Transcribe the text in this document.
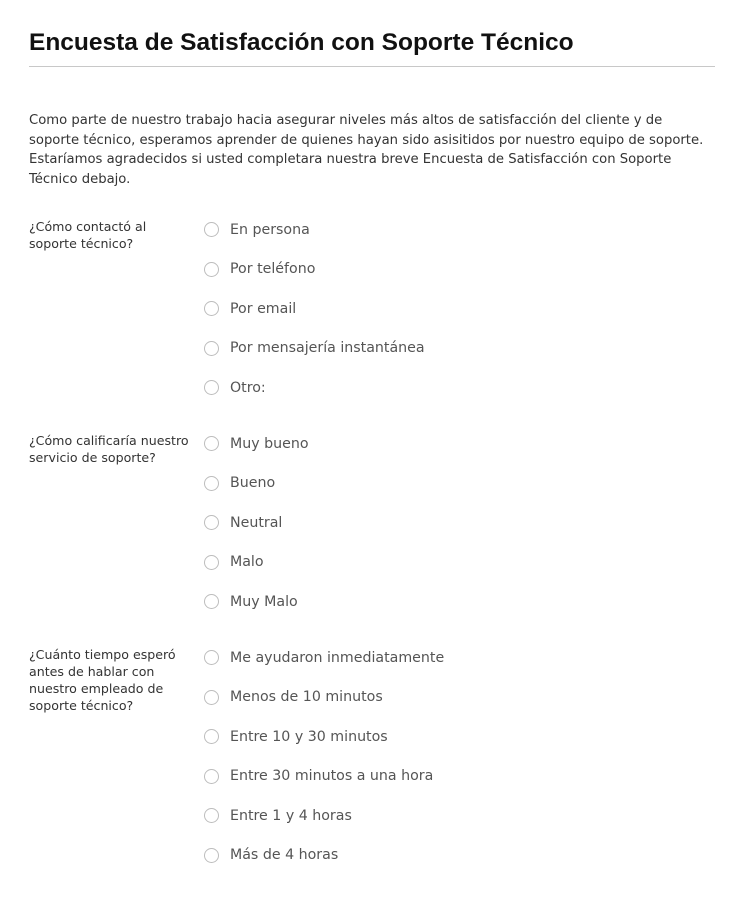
Encuesta de Satisfacción con Soporte Técnico

Como parte de nuestro trabajo hacia asegurar niveles más altos de satisfacción del cliente y de soporte técnico, esperamos aprender de quienes hayan sido asisitidos por nuestro equipo de soporte. Estaríamos agradecidos si usted completara nuestra breve Encuesta de Satisfacción con Soporte Técnico debajo.

¿Cómo contactó al soporte técnico?
En persona
Por teléfono
Por email
Por mensajería instantánea
Otro:
¿Cómo calificaría nuestro servicio de soporte?
Muy bueno
Bueno
Neutral
Malo
Muy Malo
¿Cuánto tiempo esperó antes de hablar con nuestro empleado de soporte técnico?
Me ayudaron inmediatamente
Menos de 10 minutos
Entre 10 y 30 minutos
Entre 30 minutos a una hora
Entre 1 y 4 horas
Más de 4 horas
